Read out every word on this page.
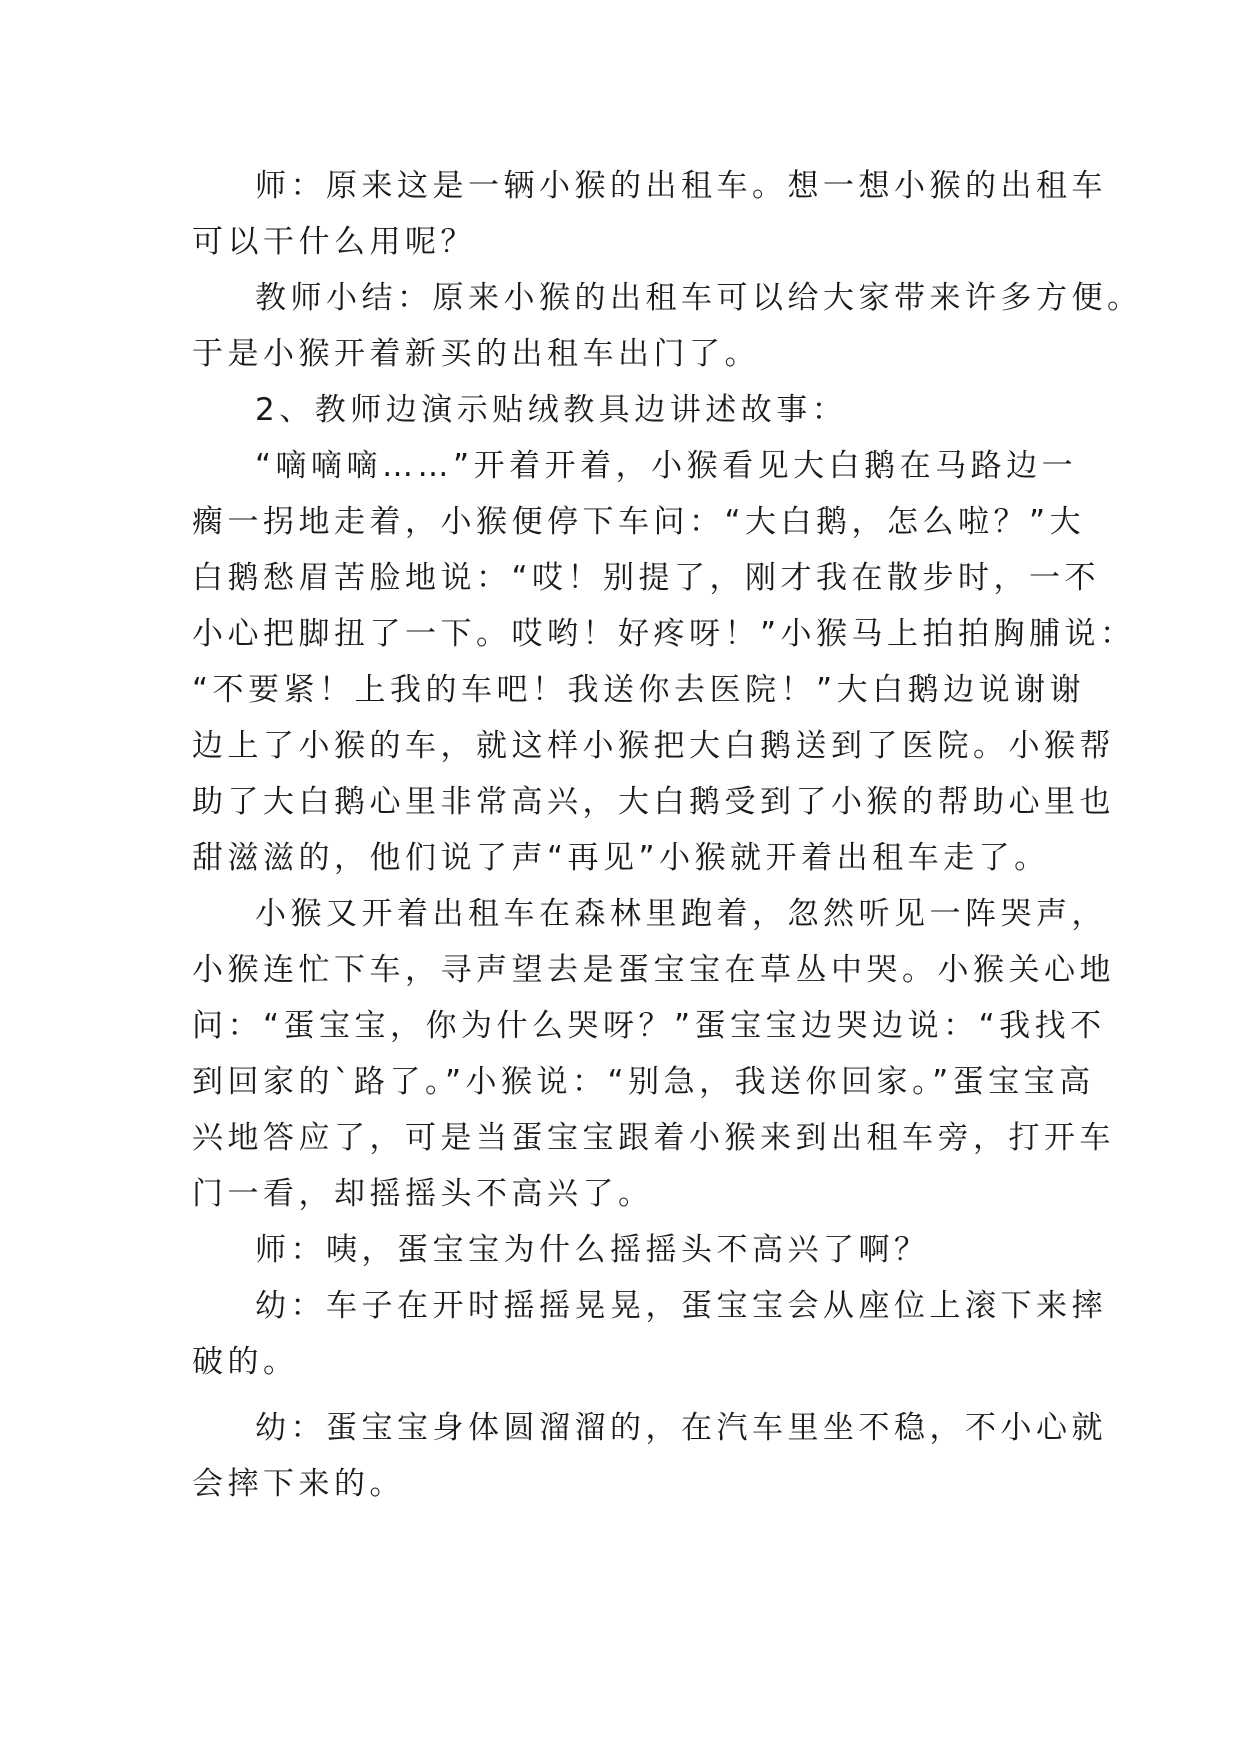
师：原来这是一辆小猴的出租车。想一想小猴的出租车
可以干什么用呢？
教师小结：原来小猴的出租车可以给大家带来许多方便。
于是小猴开着新买的出租车出门了。
2、教师边演示贴绒教具边讲述故事：
“嘀嘀嘀……”开着开着，小猴看见大白鹅在马路边一
瘸一拐地走着，小猴便停下车问：“大白鹅，怎么啦？”大
白鹅愁眉苦脸地说：“哎！别提了，刚才我在散步时，一不
小心把脚扭了一下。哎哟！好疼呀！”小猴马上拍拍胸脯说：
“不要紧！上我的车吧！我送你去医院！”大白鹅边说谢谢
边上了小猴的车，就这样小猴把大白鹅送到了医院。小猴帮
助了大白鹅心里非常高兴，大白鹅受到了小猴的帮助心里也
甜滋滋的，他们说了声“再见”小猴就开着出租车走了。
小猴又开着出租车在森林里跑着，忽然听见一阵哭声，
小猴连忙下车，寻声望去是蛋宝宝在草丛中哭。小猴关心地
问：“蛋宝宝，你为什么哭呀？”蛋宝宝边哭边说：“我找不
到回家的`路了。”小猴说：“别急，我送你回家。”蛋宝宝高
兴地答应了，可是当蛋宝宝跟着小猴来到出租车旁，打开车
门一看，却摇摇头不高兴了。
师：咦，蛋宝宝为什么摇摇头不高兴了啊？
幼：车子在开时摇摇晃晃，蛋宝宝会从座位上滚下来摔
破的。
幼：蛋宝宝身体圆溜溜的，在汽车里坐不稳，不小心就
会摔下来的。
